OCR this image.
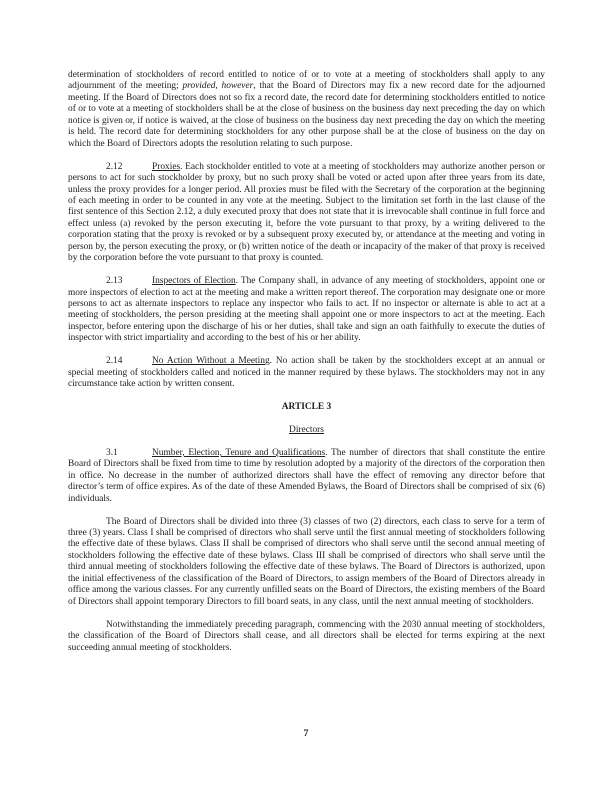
determination of stockholders of record entitled to notice of or to vote at a meeting of stockholders shall apply to any adjournment of the meeting; provided, however, that the Board of Directors may fix a new record date for the adjourned meeting. If the Board of Directors does not so fix a record date, the record date for determining stockholders entitled to notice of or to vote at a meeting of stockholders shall be at the close of business on the business day next preceding the day on which notice is given or, if notice is waived, at the close of business on the business day next preceding the day on which the meeting is held. The record date for determining stockholders for any other purpose shall be at the close of business on the day on which the Board of Directors adopts the resolution relating to such purpose.

2.12	Proxies. Each stockholder entitled to vote at a meeting of stockholders may authorize another person or persons to act for such stockholder by proxy, but no such proxy shall be voted or acted upon after three years from its date, unless the proxy provides for a longer period. All proxies must be filed with the Secretary of the corporation at the beginning of each meeting in order to be counted in any vote at the meeting. Subject to the limitation set forth in the last clause of the first sentence of this Section 2.12, a duly executed proxy that does not state that it is irrevocable shall continue in full force and effect unless (a) revoked by the person executing it, before the vote pursuant to that proxy, by a writing delivered to the corporation stating that the proxy is revoked or by a subsequent proxy executed by, or attendance at the meeting and voting in person by, the person executing the proxy, or (b) written notice of the death or incapacity of the maker of that proxy is received by the corporation before the vote pursuant to that proxy is counted.

2.13	Inspectors of Election. The Company shall, in advance of any meeting of stockholders, appoint one or more inspectors of election to act at the meeting and make a written report thereof. The corporation may designate one or more persons to act as alternate inspectors to replace any inspector who fails to act. If no inspector or alternate is able to act at a meeting of stockholders, the person presiding at the meeting shall appoint one or more inspectors to act at the meeting. Each inspector, before entering upon the discharge of his or her duties, shall take and sign an oath faithfully to execute the duties of inspector with strict impartiality and according to the best of his or her ability.

2.14	No Action Without a Meeting. No action shall be taken by the stockholders except at an annual or special meeting of stockholders called and noticed in the manner required by these bylaws. The stockholders may not in any circumstance take action by written consent.

ARTICLE 3

Directors

3.1	Number, Election, Tenure and Qualifications. The number of directors that shall constitute the entire Board of Directors shall be fixed from time to time by resolution adopted by a majority of the directors of the corporation then in office. No decrease in the number of authorized directors shall have the effect of removing any director before that director’s term of office expires. As of the date of these Amended Bylaws, the Board of Directors shall be comprised of six (6) individuals.

The Board of Directors shall be divided into three (3) classes of two (2) directors, each class to serve for a term of three (3) years. Class I shall be comprised of directors who shall serve until the first annual meeting of stockholders following the effective date of these bylaws. Class II shall be comprised of directors who shall serve until the second annual meeting of stockholders following the effective date of these bylaws. Class III shall be comprised of directors who shall serve until the third annual meeting of stockholders following the effective date of these bylaws. The Board of Directors is authorized, upon the initial effectiveness of the classification of the Board of Directors, to assign members of the Board of Directors already in office among the various classes. For any currently unfilled seats on the Board of Directors, the existing members of the Board of Directors shall appoint temporary Directors to fill board seats, in any class, until the next annual meeting of stockholders.

Notwithstanding the immediately preceding paragraph, commencing with the 2030 annual meeting of stockholders, the classification of the Board of Directors shall cease, and all directors shall be elected for terms expiring at the next succeeding annual meeting of stockholders.

7
